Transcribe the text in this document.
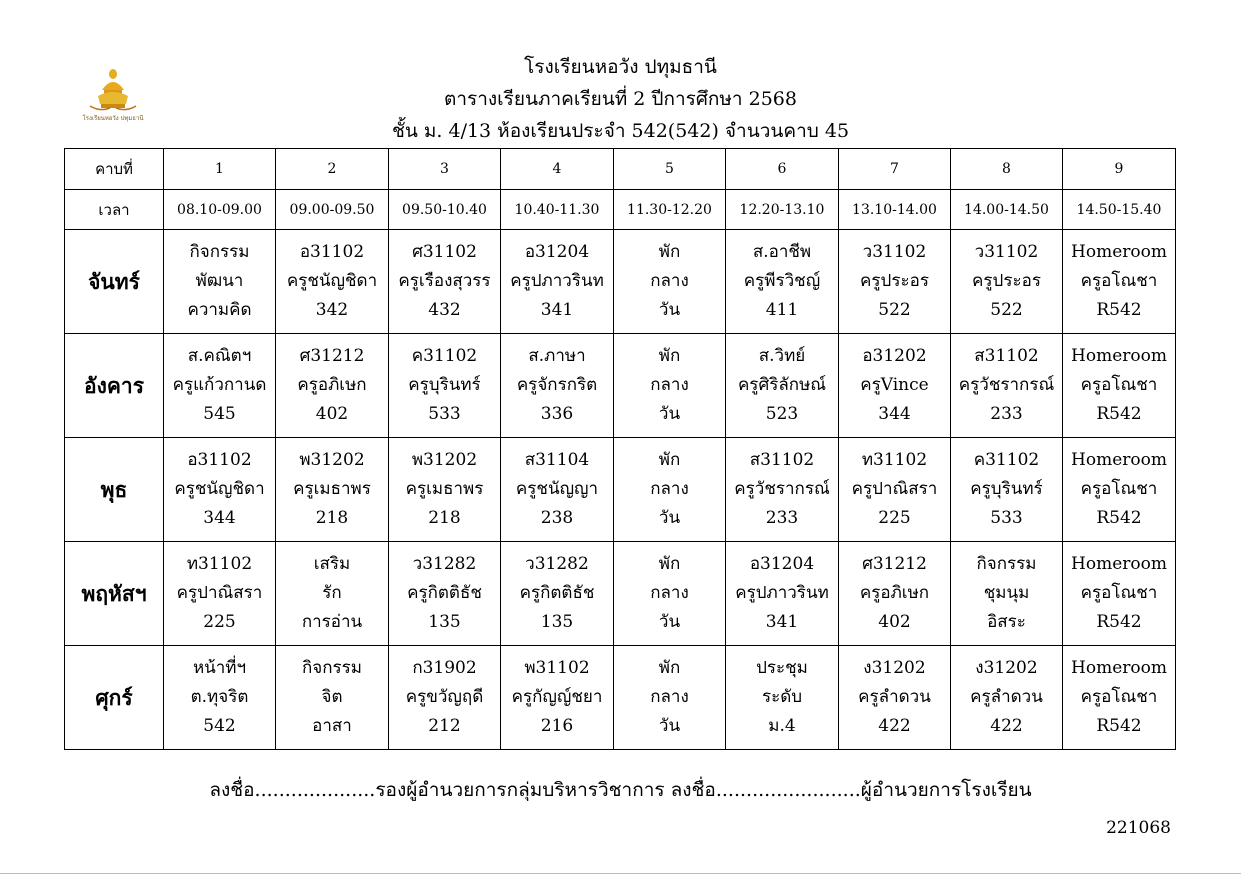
โรงเรียนหอวัง ปทุมธานี
โรงเรียนหอวัง ปทุมธานี
ตารางเรียนภาคเรียนที่ 2 ปีการศึกษา 2568
ชั้น ม. 4/13 ห้องเรียนประจำ 542(542) จำนวนคาบ 45
คาบที่	1	2	3	4	5	6	7	8	9
เวลา	08.10-09.00	09.00-09.50	09.50-10.40	10.40-11.30	11.30-12.20	12.20-13.10	13.10-14.00	14.00-14.50	14.50-15.40
จันทร์	กิจกรรม
พัฒนา
ความคิด	อ31102
ครูชนัญชิดา
342	ศ31102
ครูเรืองสุวรร
432	อ31204
ครูปภาวรินท
341	พัก
กลาง
วัน	ส.อาชีพ
ครูพีรวิชญ์
411	ว31102
ครูประอร
522	ว31102
ครูประอร
522	Homeroom
ครูอโณชา
R542

อังคาร	ส.คณิตฯ
ครูแก้วกานด
545	ศ31212
ครูอภิเษก
402	ค31102
ครูบุรินทร์
533	ส.ภาษา
ครูจักรกริต
336	พัก
กลาง
วัน	ส.วิทย์
ครูศิริลักษณ์
523	อ31202
ครูVince
344	ส31102
ครูวัชรากรณ์
233	Homeroom
ครูอโณชา
R542

พุธ	อ31102
ครูชนัญชิดา
344	พ31202
ครูเมธาพร
218	พ31202
ครูเมธาพร
218	ส31104
ครูชนัญญา
238	พัก
กลาง
วัน	ส31102
ครูวัชรากรณ์
233	ท31102
ครูปาณิสรา
225	ค31102
ครูบุรินทร์
533	Homeroom
ครูอโณชา
R542

พฤหัสฯ	ท31102
ครูปาณิสรา
225	เสริม
รัก
การอ่าน	ว31282
ครูกิตติธัช
135	ว31282
ครูกิตติธัช
135	พัก
กลาง
วัน	อ31204
ครูปภาวรินท
341	ศ31212
ครูอภิเษก
402	กิจกรรม
ชุมนุม
อิสระ	Homeroom
ครูอโณชา
R542

ศุกร์	หน้าที่ฯ
ต.ทุจริต
542	กิจกรรม
จิต
อาสา	ก31902
ครูขวัญฤดี
212	พ31102
ครูกัญญ์ชยา
216	พัก
กลาง
วัน	ประชุม
ระดับ
ม.4	ง31202
ครูลำดวน
422	ง31202
ครูลำดวน
422	Homeroom
ครูอโณชา
R542
ลงชื่อ....................รองผู้อำนวยการกลุ่มบริหารวิชาการ ลงชื่อ........................ผู้อำนวยการโรงเรียน
221068
